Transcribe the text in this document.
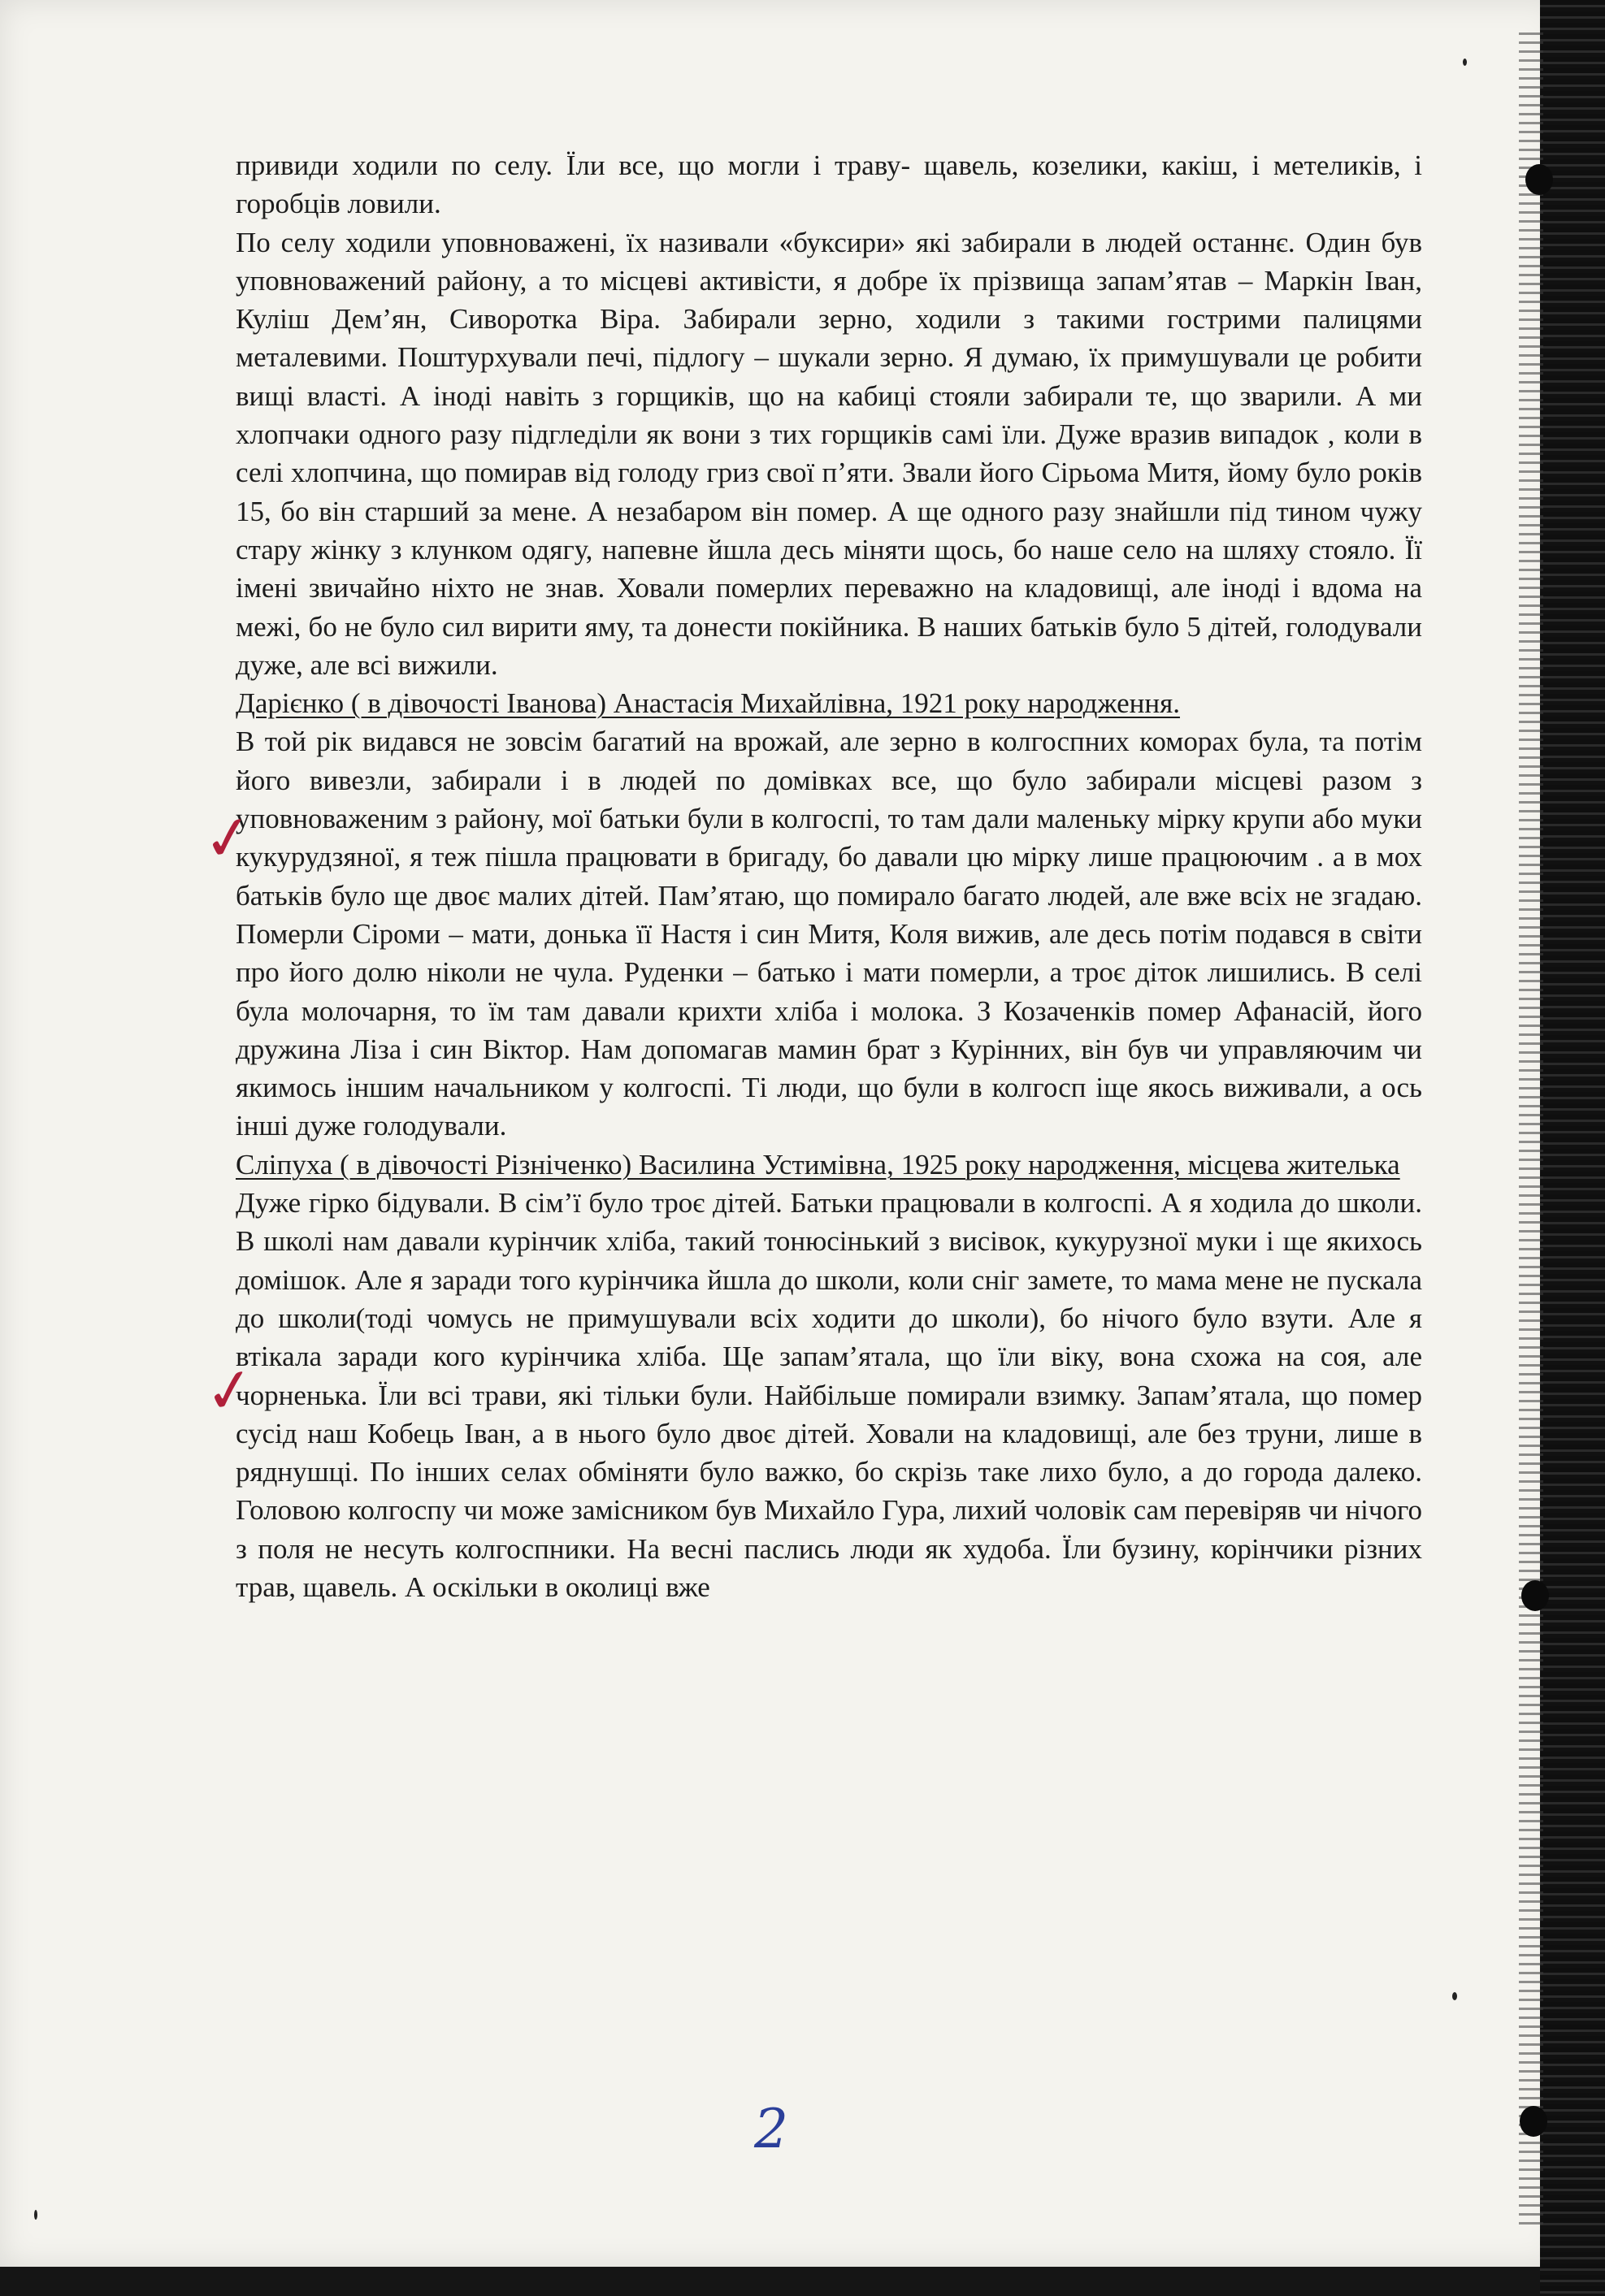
привиди ходили по селу. Їли все, що могли і траву- щавель, козелики, какіш, і метеликів, і горобців ловили.

По селу ходили уповноважені, їх називали «буксири» які забирали в людей останнє. Один був уповноважений району, а то місцеві активісти, я добре їх прізвища запам’ятав – Маркін Іван, Куліш Дем’ян, Сиворотка Віра. Забирали зерно, ходили з такими гострими палицями металевими. Поштурхували печі, підлогу – шукали зерно. Я думаю, їх примушували це робити вищі власті. А іноді навіть з горщиків, що на кабиці стояли забирали те, що зварили. А ми хлопчаки одного разу підгледіли як вони з тих горщиків самі їли. Дуже вразив випадок , коли в селі хлопчина, що помирав від голоду гриз свої п’яти. Звали його Сірьома Митя, йому було років 15, бо він старший за мене. А незабаром він помер. А ще одного разу знайшли під тином чужу стару жінку з клунком одягу, напевне йшла десь міняти щось, бо наше село на шляху стояло. Її імені звичайно ніхто не знав. Ховали померлих переважно на кладовищі, але іноді і вдома на межі, бо не було сил вирити яму, та донести покійника. В наших батьків було 5 дітей, голодували дуже, але всі вижили.

Дарієнко ( в дівочості Іванова) Анастасія Михайлівна, 1921 року народження.

В той рік видався не зовсім багатий на врожай, але зерно в колгоспних коморах була, та потім його вивезли, забирали і в людей по домівках все, що було забирали місцеві разом з уповноваженим з району, мої батьки були в колгоспі, то там дали маленьку мірку крупи або муки кукурудзяної, я теж пішла працювати в бригаду, бо давали цю мірку лише працюючим . а в мох батьків було ще двоє малих дітей. Пам’ятаю, що помирало багато людей, але вже всіх не згадаю. Померли Сіроми – мати, донька її Настя і син Митя, Коля вижив, але десь потім подався в світи про його долю ніколи не чула. Руденки – батько і мати померли, а троє діток лишились. В селі була молочарня, то їм там давали крихти хліба і молока. З Козаченків помер Афанасій, його дружина Ліза і син Віктор. Нам допомагав мамин брат з Курінних, він був чи управляючим чи якимось іншим начальником у колгоспі. Ті люди, що були в колгосп іще якось виживали, а ось інші дуже голодували.

Сліпуха ( в дівочості Різніченко) Василина Устимівна, 1925 року народження, місцева жителька

Дуже гірко бідували. В сім’ї було троє дітей. Батьки працювали в колгоспі. А я ходила до школи. В школі нам давали курінчик хліба, такий тонюсінький з висівок, кукурузної муки і ще якихось домішок. Але я заради того курінчика йшла до школи, коли сніг замете, то мама мене не пускала до школи(тоді чомусь не примушували всіх ходити до школи), бо нічого було взути. Але я втікала заради кого курінчика хліба. Ще запам’ятала, що їли віку, вона схожа на соя, але чорненька. Їли всі трави, які тільки були. Найбільше помирали взимку. Запам’ятала, що помер сусід наш Кобець Іван, а в нього було двоє дітей. Ховали на кладовищі, але без труни, лише в ряднушці. По інших селах обміняти було важко, бо скрізь таке лихо було, а до города далеко. Головою колгоспу чи може замісником був Михайло Гура, лихий чоловік сам перевіряв чи нічого з поля не несуть колгоспники. На весні паслись люди як худоба. Їли бузину, корінчики різних трав, щавель. А оскільки в околиці вже

✓
✓
2
